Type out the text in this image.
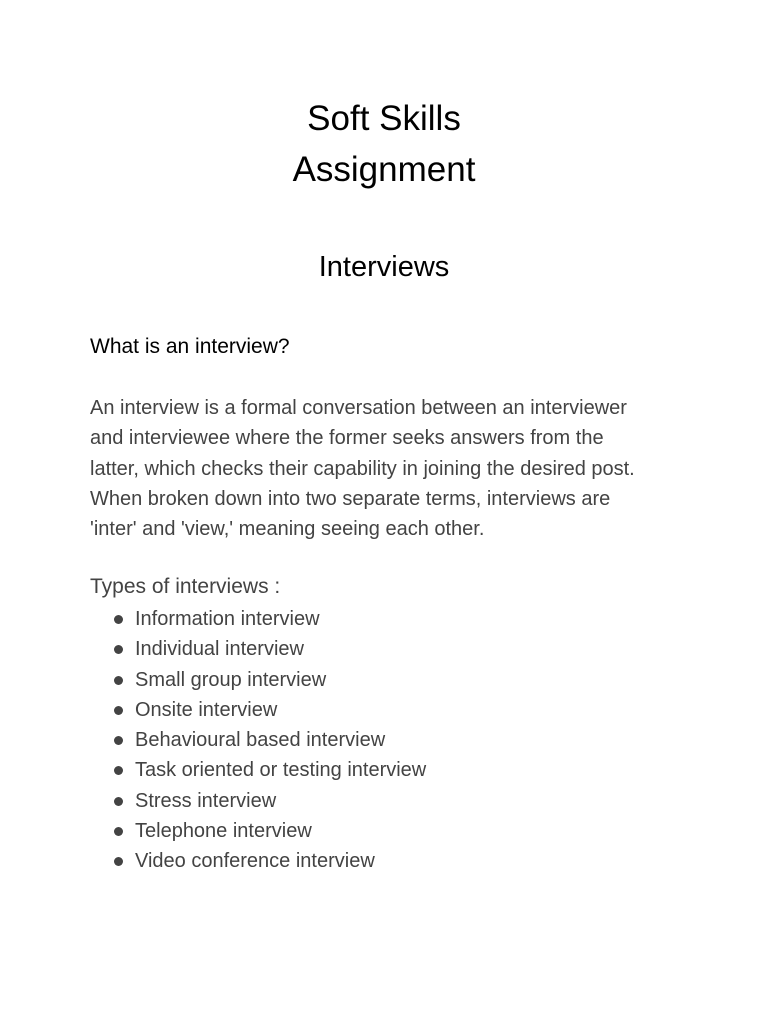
Soft Skills
Assignment
Interviews
What is an interview?

An interview is a formal conversation between an interviewer
and interviewee where the former seeks answers from the
latter, which checks their capability in joining the desired post.
When broken down into two separate terms, interviews are
'inter' and 'view,' meaning seeing each other.

Types of interviews :

Information interview
Individual interview
Small group interview
Onsite interview
Behavioural based interview
Task oriented or testing interview
Stress interview
Telephone interview
Video conference interview
